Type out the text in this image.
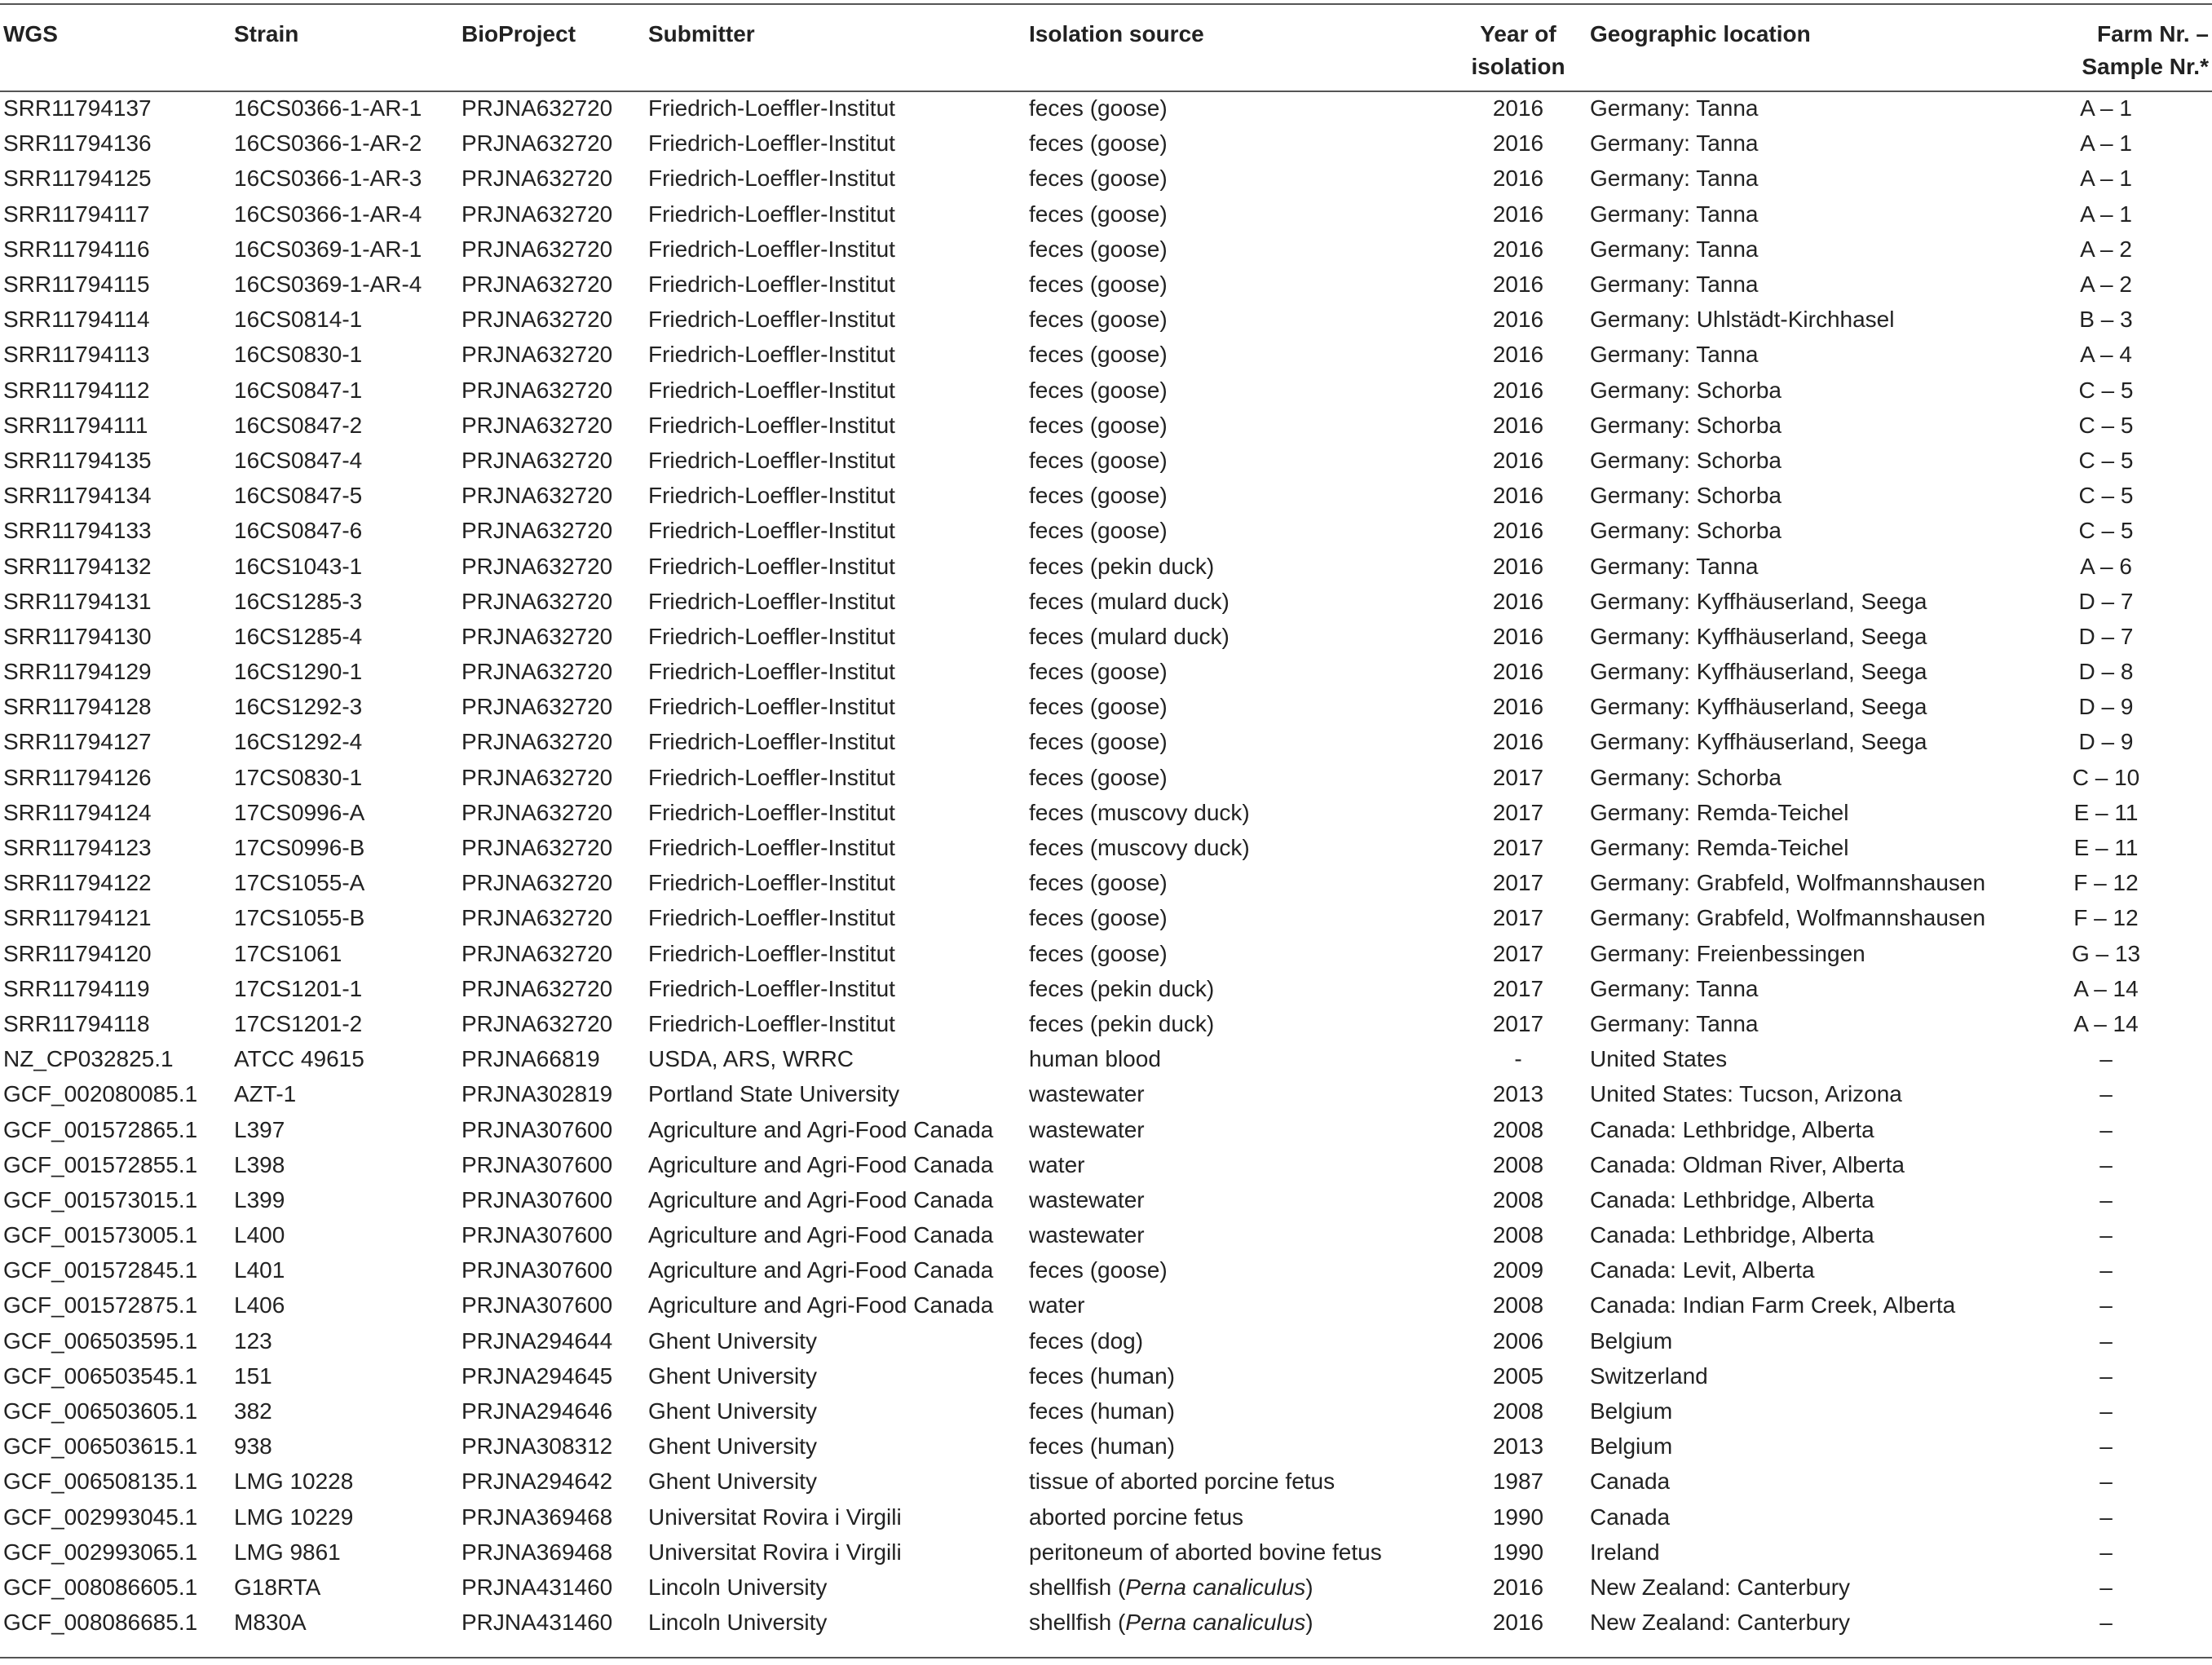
WGS	Strain	BioProject	Submitter	Isolation source	Year of
isolation	Geographic location	Farm Nr. –
Sample Nr.*
SRR11794137	16CS0366-1-AR-1	PRJNA632720	Friedrich-Loeffler-Institut	feces (goose)	2016	Germany: Tanna	A – 1
SRR11794136	16CS0366-1-AR-2	PRJNA632720	Friedrich-Loeffler-Institut	feces (goose)	2016	Germany: Tanna	A – 1
SRR11794125	16CS0366-1-AR-3	PRJNA632720	Friedrich-Loeffler-Institut	feces (goose)	2016	Germany: Tanna	A – 1
SRR11794117	16CS0366-1-AR-4	PRJNA632720	Friedrich-Loeffler-Institut	feces (goose)	2016	Germany: Tanna	A – 1
SRR11794116	16CS0369-1-AR-1	PRJNA632720	Friedrich-Loeffler-Institut	feces (goose)	2016	Germany: Tanna	A – 2
SRR11794115	16CS0369-1-AR-4	PRJNA632720	Friedrich-Loeffler-Institut	feces (goose)	2016	Germany: Tanna	A – 2
SRR11794114	16CS0814-1	PRJNA632720	Friedrich-Loeffler-Institut	feces (goose)	2016	Germany: Uhlstädt-Kirchhasel	B – 3
SRR11794113	16CS0830-1	PRJNA632720	Friedrich-Loeffler-Institut	feces (goose)	2016	Germany: Tanna	A – 4
SRR11794112	16CS0847-1	PRJNA632720	Friedrich-Loeffler-Institut	feces (goose)	2016	Germany: Schorba	C – 5
SRR11794111	16CS0847-2	PRJNA632720	Friedrich-Loeffler-Institut	feces (goose)	2016	Germany: Schorba	C – 5
SRR11794135	16CS0847-4	PRJNA632720	Friedrich-Loeffler-Institut	feces (goose)	2016	Germany: Schorba	C – 5
SRR11794134	16CS0847-5	PRJNA632720	Friedrich-Loeffler-Institut	feces (goose)	2016	Germany: Schorba	C – 5
SRR11794133	16CS0847-6	PRJNA632720	Friedrich-Loeffler-Institut	feces (goose)	2016	Germany: Schorba	C – 5
SRR11794132	16CS1043-1	PRJNA632720	Friedrich-Loeffler-Institut	feces (pekin duck)	2016	Germany: Tanna	A – 6
SRR11794131	16CS1285-3	PRJNA632720	Friedrich-Loeffler-Institut	feces (mulard duck)	2016	Germany: Kyffhäuserland, Seega	D – 7
SRR11794130	16CS1285-4	PRJNA632720	Friedrich-Loeffler-Institut	feces (mulard duck)	2016	Germany: Kyffhäuserland, Seega	D – 7
SRR11794129	16CS1290-1	PRJNA632720	Friedrich-Loeffler-Institut	feces (goose)	2016	Germany: Kyffhäuserland, Seega	D – 8
SRR11794128	16CS1292-3	PRJNA632720	Friedrich-Loeffler-Institut	feces (goose)	2016	Germany: Kyffhäuserland, Seega	D – 9
SRR11794127	16CS1292-4	PRJNA632720	Friedrich-Loeffler-Institut	feces (goose)	2016	Germany: Kyffhäuserland, Seega	D – 9
SRR11794126	17CS0830-1	PRJNA632720	Friedrich-Loeffler-Institut	feces (goose)	2017	Germany: Schorba	C – 10
SRR11794124	17CS0996-A	PRJNA632720	Friedrich-Loeffler-Institut	feces (muscovy duck)	2017	Germany: Remda-Teichel	E – 11
SRR11794123	17CS0996-B	PRJNA632720	Friedrich-Loeffler-Institut	feces (muscovy duck)	2017	Germany: Remda-Teichel	E – 11
SRR11794122	17CS1055-A	PRJNA632720	Friedrich-Loeffler-Institut	feces (goose)	2017	Germany: Grabfeld, Wolfmannshausen	F – 12
SRR11794121	17CS1055-B	PRJNA632720	Friedrich-Loeffler-Institut	feces (goose)	2017	Germany: Grabfeld, Wolfmannshausen	F – 12
SRR11794120	17CS1061	PRJNA632720	Friedrich-Loeffler-Institut	feces (goose)	2017	Germany: Freienbessingen	G – 13
SRR11794119	17CS1201-1	PRJNA632720	Friedrich-Loeffler-Institut	feces (pekin duck)	2017	Germany: Tanna	A – 14
SRR11794118	17CS1201-2	PRJNA632720	Friedrich-Loeffler-Institut	feces (pekin duck)	2017	Germany: Tanna	A – 14
NZ_CP032825.1	ATCC 49615	PRJNA66819	USDA, ARS, WRRC	human blood	-	United States	–
GCF_002080085.1	AZT-1	PRJNA302819	Portland State University	wastewater	2013	United States: Tucson, Arizona	–
GCF_001572865.1	L397	PRJNA307600	Agriculture and Agri-Food Canada	wastewater	2008	Canada: Lethbridge, Alberta	–
GCF_001572855.1	L398	PRJNA307600	Agriculture and Agri-Food Canada	water	2008	Canada: Oldman River, Alberta	–
GCF_001573015.1	L399	PRJNA307600	Agriculture and Agri-Food Canada	wastewater	2008	Canada: Lethbridge, Alberta	–
GCF_001573005.1	L400	PRJNA307600	Agriculture and Agri-Food Canada	wastewater	2008	Canada: Lethbridge, Alberta	–
GCF_001572845.1	L401	PRJNA307600	Agriculture and Agri-Food Canada	feces (goose)	2009	Canada: Levit, Alberta	–
GCF_001572875.1	L406	PRJNA307600	Agriculture and Agri-Food Canada	water	2008	Canada: Indian Farm Creek, Alberta	–
GCF_006503595.1	123	PRJNA294644	Ghent University	feces (dog)	2006	Belgium	–
GCF_006503545.1	151	PRJNA294645	Ghent University	feces (human)	2005	Switzerland	–
GCF_006503605.1	382	PRJNA294646	Ghent University	feces (human)	2008	Belgium	–
GCF_006503615.1	938	PRJNA308312	Ghent University	feces (human)	2013	Belgium	–
GCF_006508135.1	LMG 10228	PRJNA294642	Ghent University	tissue of aborted porcine fetus	1987	Canada	–
GCF_002993045.1	LMG 10229	PRJNA369468	Universitat Rovira i Virgili	aborted porcine fetus	1990	Canada	–
GCF_002993065.1	LMG 9861	PRJNA369468	Universitat Rovira i Virgili	peritoneum of aborted bovine fetus	1990	Ireland	–
GCF_008086605.1	G18RTA	PRJNA431460	Lincoln University	shellfish (Perna canaliculus)	2016	New Zealand: Canterbury	–
GCF_008086685.1	M830A	PRJNA431460	Lincoln University	shellfish (Perna canaliculus)	2016	New Zealand: Canterbury	–
